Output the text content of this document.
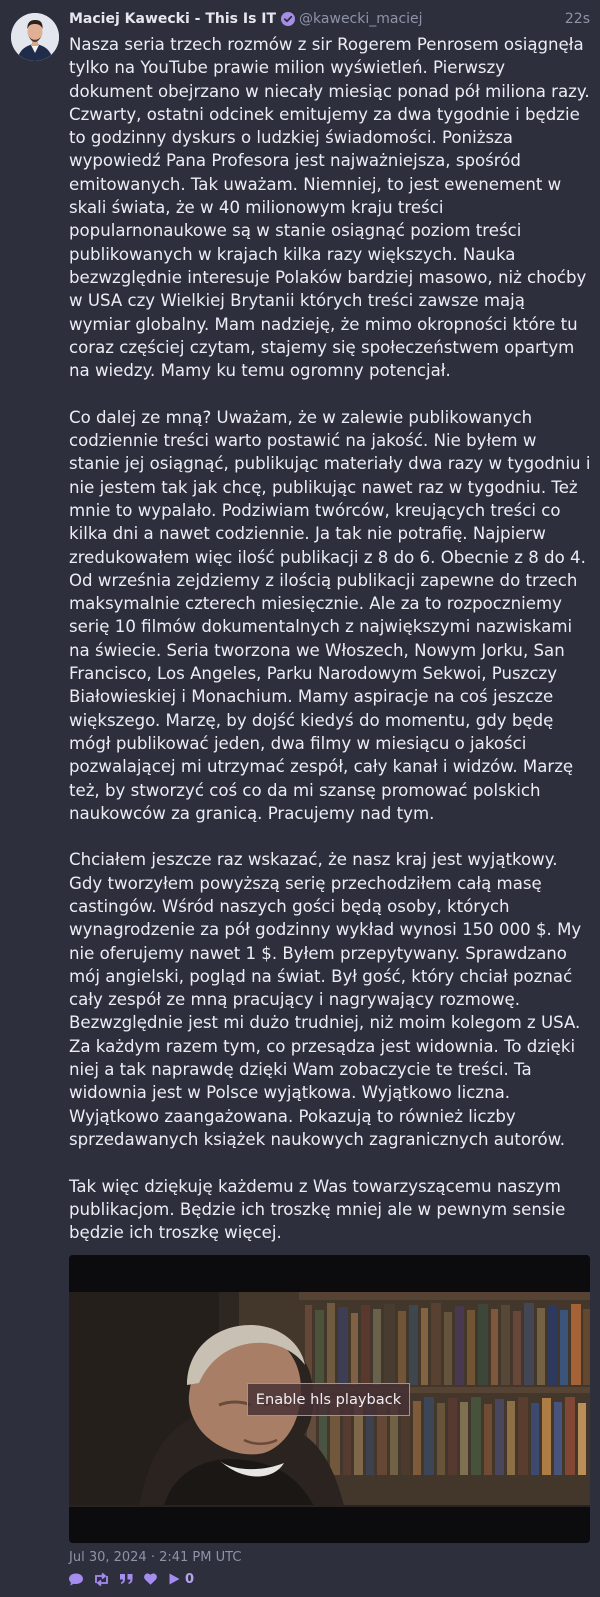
Maciej Kawecki - This Is IT @kawecki_maciej	22s

Nasza seria trzech rozmów z sir Rogerem Penrosem osiągnęła tylko na YouTube prawie milion wyświetleń. Pierwszy dokument obejrzano w niecały miesiąc ponad pół miliona razy. Czwarty, ostatni odcinek emitujemy za dwa tygodnie i będzie to godzinny dyskurs o ludzkiej świadomości. Poniższa wypowiedź Pana Profesora jest najważniejsza, spośród emitowanych. Tak uważam. Niemniej, to jest ewenement w skali świata, że w 40 milionowym kraju treści popularnonaukowe są w stanie osiągnąć poziom treści publikowanych w krajach kilka razy większych. Nauka bezwzględnie interesuje Polaków bardziej masowo, niż choćby w USA czy Wielkiej Brytanii których treści zawsze mają wymiar globalny. Mam nadzieję, że mimo okropności które tu coraz częściej czytam, stajemy się społeczeństwem opartym na wiedzy. Mamy ku temu ogromny potencjał.

Co dalej ze mną? Uważam, że w zalewie publikowanych codziennie treści warto postawić na jakość. Nie byłem w stanie jej osiągnąć, publikując materiały dwa razy w tygodniu i nie jestem tak jak chcę, publikując nawet raz w tygodniu. Też mnie to wypalało. Podziwiam twórców, kreujących treści co kilka dni a nawet codziennie. Ja tak nie potrafię. Najpierw zredukowałem więc ilość publikacji z 8 do 6. Obecnie z 8 do 4. Od września zejdziemy z ilością publikacji zapewne do trzech maksymalnie czterech miesięcznie. Ale za to rozpoczniemy serię 10 filmów dokumentalnych z największymi nazwiskami na świecie. Seria tworzona we Włoszech, Nowym Jorku, San Francisco, Los Angeles, Parku Narodowym Sekwoi, Puszczy Białowieskiej i Monachium. Mamy aspiracje na coś jeszcze większego. Marzę, by dojść kiedyś do momentu, gdy będę mógł publikować jeden, dwa filmy w miesiącu o jakości pozwalającej mi utrzymać zespół, cały kanał i widzów. Marzę też, by stworzyć coś co da mi szansę promować polskich naukowców za granicą. Pracujemy nad tym.

Chciałem jeszcze raz wskazać, że nasz kraj jest wyjątkowy. Gdy tworzyłem powyższą serię przechodziłem całą masę castingów. Wśród naszych gości będą osoby, których wynagrodzenie za pół godzinny wykład wynosi 150 000 $. My nie oferujemy nawet 1 $. Byłem przepytywany. Sprawdzano mój angielski, pogląd na świat. Był gość, który chciał poznać cały zespół ze mną pracujący i nagrywający rozmowę. Bezwzględnie jest mi dużo trudniej, niż moim kolegom z USA. Za każdym razem tym, co przesądza jest widownia. To dzięki niej a tak naprawdę dzięki Wam zobaczycie te treści. Ta widownia jest w Polsce wyjątkowa. Wyjątkowo liczna. Wyjątkowo zaangażowana. Pokazują to również liczby sprzedawanych książek naukowych zagranicznych autorów.

Tak więc dziękuję każdemu z Was towarzyszącemu naszym publikacjom. Będzie ich troszkę mniej ale w pewnym sensie będzie ich troszkę więcej.

Enable hls playback
Jul 30, 2024 · 2:41 PM UTC
0
